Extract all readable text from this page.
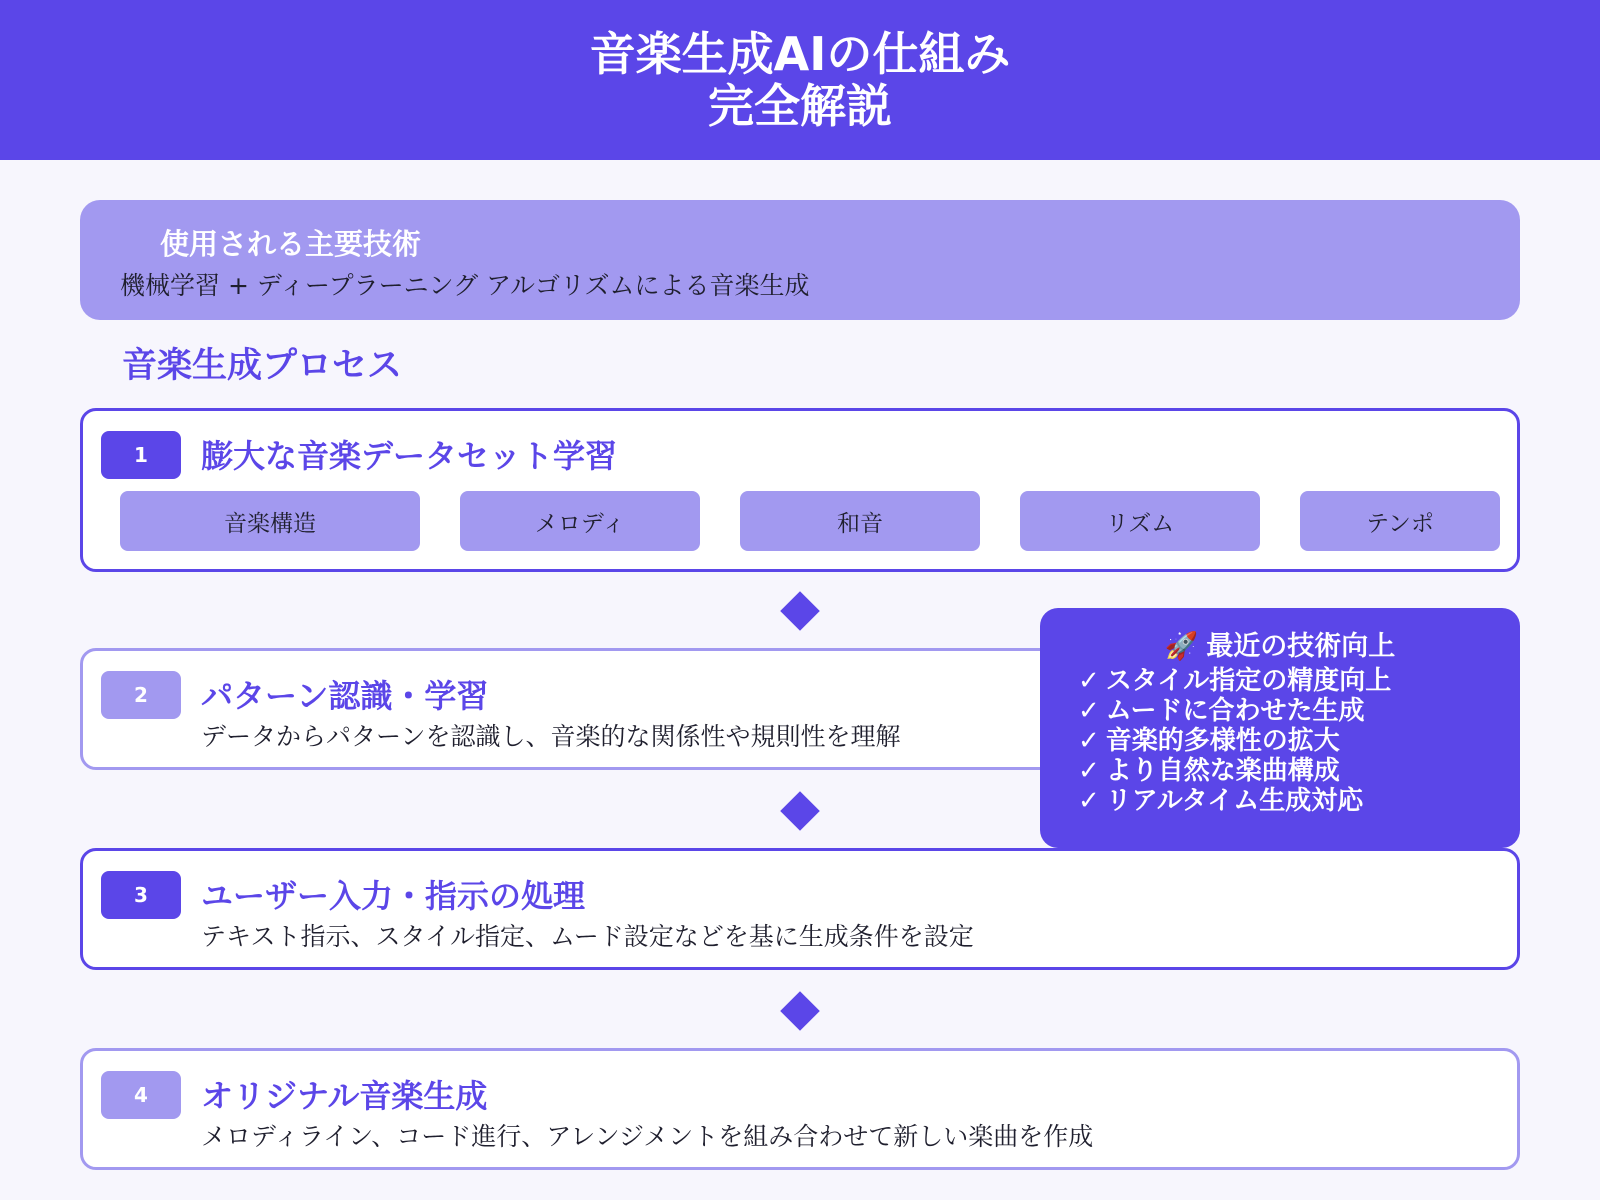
音楽生成AIの仕組み
完全解説
使用される主要技術
機械学習 + ディープラーニング アルゴリズムによる音楽生成
音楽生成プロセス
1	膨大な音楽データセット学習
音楽構造	メロディ	和音	リズム	テンポ
2	パターン認識・学習
データからパターンを認識し、音楽的な関係性や規則性を理解
3	ユーザー入力・指示の処理
テキスト指示、スタイル指定、ムード設定などを基に生成条件を設定
4	オリジナル音楽生成
メロディライン、コード進行、アレンジメントを組み合わせて新しい楽曲を作成
🚀 最近の技術向上
✓ スタイル指定の精度向上
✓ ムードに合わせた生成
✓ 音楽的多様性の拡大
✓ より自然な楽曲構成
✓ リアルタイム生成対応
